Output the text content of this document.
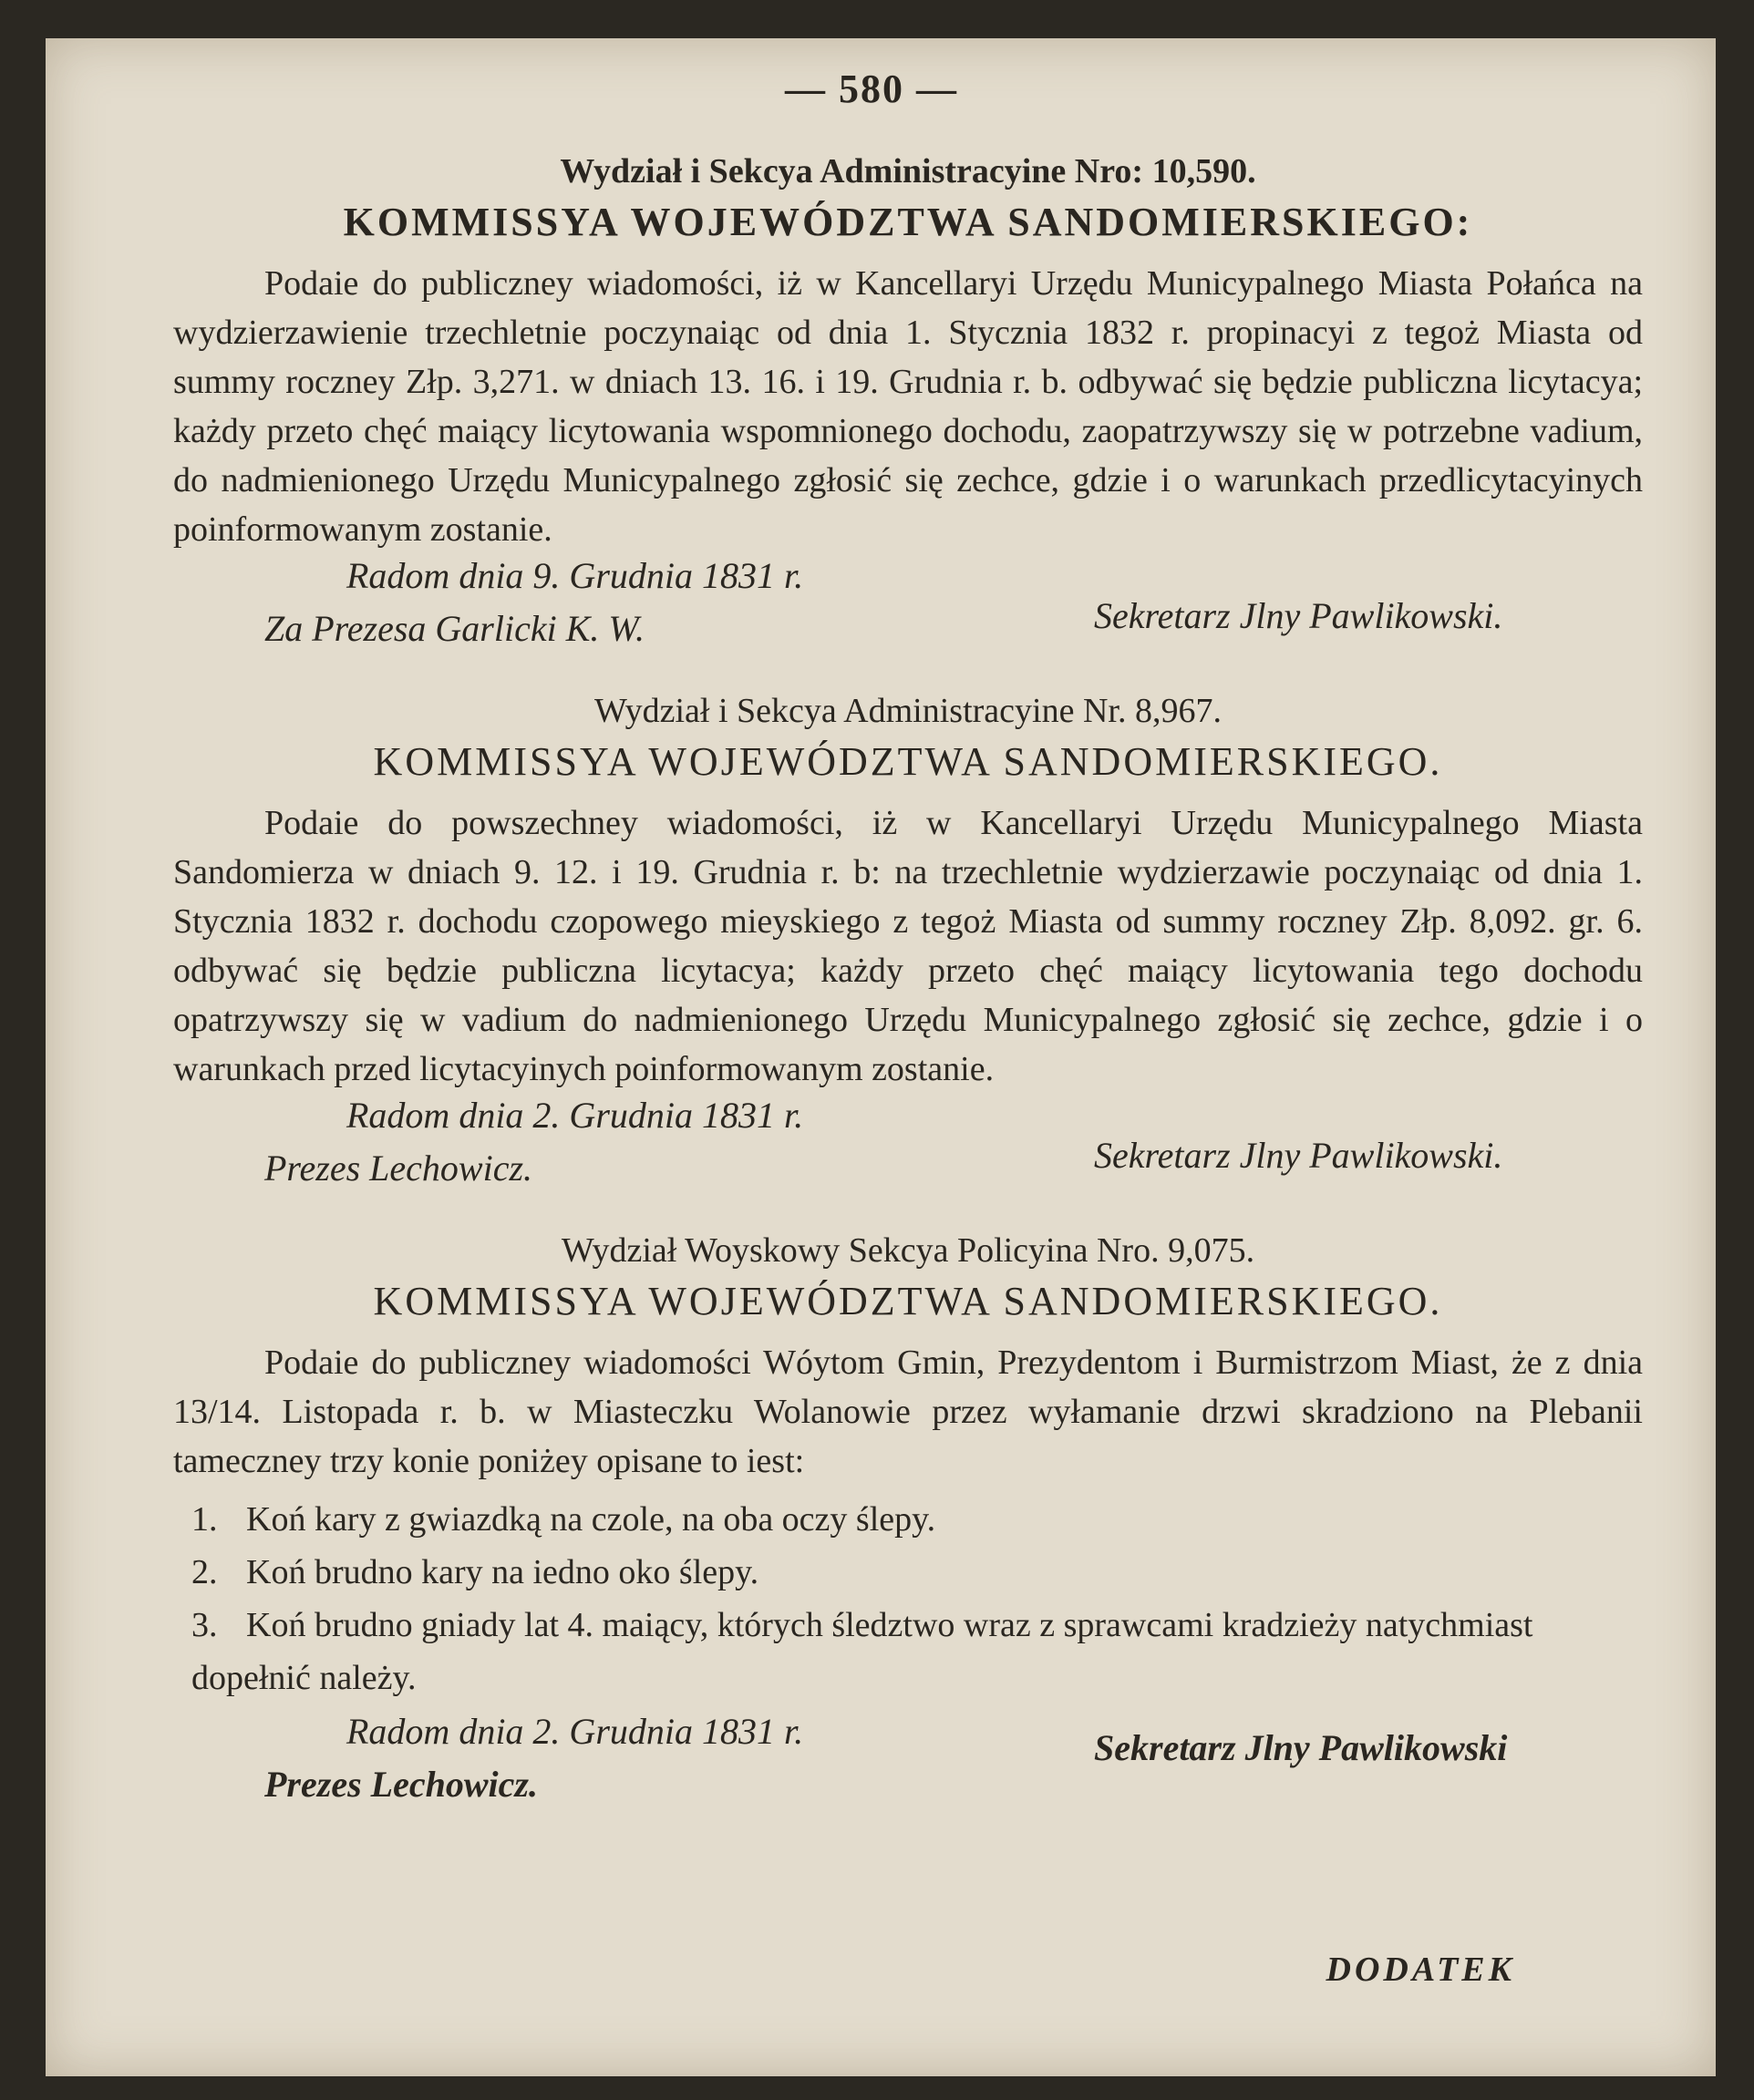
— 580 —

Wydział i Sekcya Administracyine Nro: 10,590.

KOMMISSYA WOJEWÓDZTWA SANDOMIERSKIEGO:

Podaie do publiczney wiadomości, iż w Kancellaryi Urzędu Municypalnego Miasta Połańca na wydzierzawienie trzechletnie poczynaiąc od dnia 1. Stycznia 1832 r. propinacyi z tegoż Miasta od summy roczney Złp. 3,271. w dniach 13. 16. i 19. Grudnia r. b. odbywać się będzie publiczna licytacya; każdy przeto chęć maiący licytowania wspomnionego dochodu, zaopatrzywszy się w potrzebne vadium, do nadmienionego Urzędu Municypalnego zgłosić się zechce, gdzie i o warunkach przedlicytacyinych poinformowanym zostanie.

Radom dnia 9. Grudnia 1831 r.
Za Prezesa Garlicki K. W.	Sekretarz Jlny Pawlikowski.

Wydział i Sekcya Administracyine Nr. 8,967.

KOMMISSYA WOJEWÓDZTWA SANDOMIERSKIEGO.

Podaie do powszechney wiadomości, iż w Kancellaryi Urzędu Municypalnego Miasta Sandomierza w dniach 9. 12. i 19. Grudnia r. b: na trzechletnie wydzierzawie poczynaiąc od dnia 1. Stycznia 1832 r. dochodu czopowego mieyskiego z tegoż Miasta od summy roczney Złp. 8,092. gr. 6. odbywać się będzie publiczna licytacya; każdy przeto chęć maiący licytowania tego dochodu opatrzywszy się w vadium do nadmienionego Urzędu Municypalnego zgłosić się zechce, gdzie i o warunkach przed licytacyinych poinformowanym zostanie.

Radom dnia 2. Grudnia 1831 r.
Prezes Lechowicz.	Sekretarz Jlny Pawlikowski.

Wydział Woyskowy Sekcya Policyina Nro. 9,075.

KOMMISSYA WOJEWÓDZTWA SANDOMIERSKIEGO.

Podaie do publiczney wiadomości Wóytom Gmin, Prezydentom i Burmistrzom Miast, że z dnia 13/14. Listopada r. b. w Miasteczku Wolanowie przez wyłamanie drzwi skradziono na Plebanii tameczney trzy konie poniżey opisane to iest:

1. Koń kary z gwiazdką na czole, na oba oczy ślepy.
2. Koń brudno kary na iedno oko ślepy.
3. Koń brudno gniady lat 4. maiący, których śledztwo wraz z sprawcami kradzieży natychmiast dopełnić należy.
Radom dnia 2. Grudnia 1831 r.
Prezes Lechowicz.
Sekretarz Jlny Pawlikowski
DODATEK
